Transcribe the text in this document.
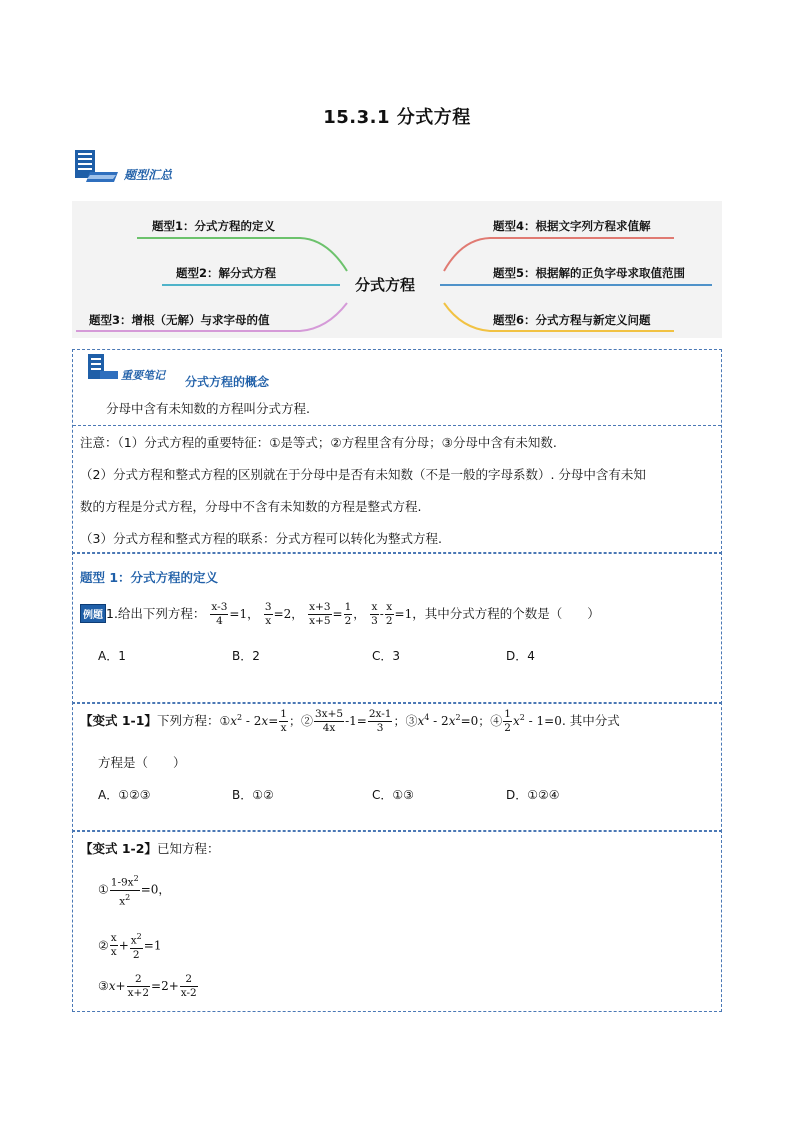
15.3.1 分式方程
题型汇总
分式方程
题型1：分式方程的定义
题型2：解分式方程
题型3：增根（无解）与求字母的值
题型4：根据文字列方程求值解
题型5：根据解的正负字母求取值范围
题型6：分式方程与新定义问题
重要笔记 分式方程的概念
分母中含有未知数的方程叫分式方程.
注意：（1）分式方程的重要特征：①是等式；②方程里含有分母；③分母中含有未知数.
（2）分式方程和整式方程的区别就在于分母中是否有未知数（不是一般的字母系数）. 分母中含有未知
数的方程是分式方程，分母中不含有未知数的方程是整式方程.
（3）分式方程和整式方程的联系：分式方程可以转化为整式方程.
题型 1：分式方程的定义
例题 1.给出下列方程： $\frac{x-3}{4} =1$， $\frac{3}{x} =2$， $\frac{x+3}{x+5} = \frac{1}{2}$ ， $\frac{x}{3} - \frac{x}{2} =1$，其中分式方程的个数是（　　）
A．1	B．2	C．3	D．4
【变式 1-1】下列方程：$①x^2 - 2x= \frac{1}{x}$ ；② $\frac{3x+5}{4x} -1= \frac{2x-1}{3}$ ；$③x^4 - 2x^2=0$；④ $\frac{1}{2} x^2 - 1=0$. 其中分式
方程是（　　）
A．①②③	B．①②	C．①③	D．①②④
【变式 1-2】已知方程：
① $\frac{1-9x^2}{x^2} =0$，
② $\frac{x}{x} + \frac{x^2}{2} =1$
③x+ $\frac{2}{x+2} =2+ \frac{2}{x-2}$
